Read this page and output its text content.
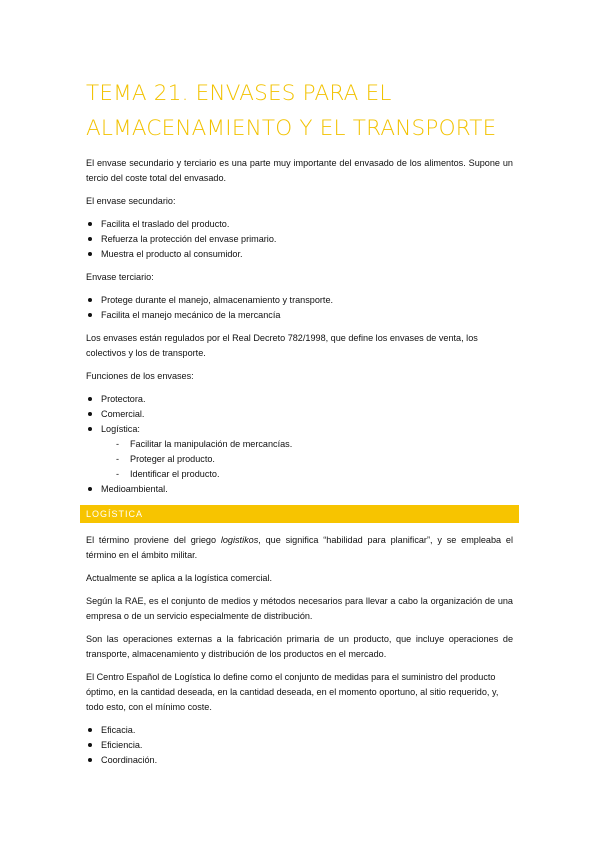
TEMA 21. ENVASES PARA EL ALMACENAMIENTO Y EL TRANSPORTE

El envase secundario y terciario es una parte muy importante del envasado de los alimentos. Supone un tercio del coste total del envasado.

El envase secundario:

Facilita el traslado del producto.
Refuerza la protección del envase primario.
Muestra el producto al consumidor.

Envase terciario:

Protege durante el manejo, almacenamiento y transporte.
Facilita el manejo mecánico de la mercancía

Los envases están regulados por el Real Decreto 782/1998, que define los envases de venta, los colectivos y los de transporte.

Funciones de los envases:

Protectora.
Comercial.
Logística:
- Facilitar la manipulación de mercancías.
- Proteger al producto.
- Identificar el producto.
Medioambiental.
LOGÍSTICA

El término proviene del griego logistikos, que significa “habilidad para planificar”, y se empleaba el término en el ámbito militar.

Actualmente se aplica a la logística comercial.

Según la RAE, es el conjunto de medios y métodos necesarios para llevar a cabo la organización de una empresa o de un servicio especialmente de distribución.

Son las operaciones externas a la fabricación primaria de un producto, que incluye operaciones de transporte, almacenamiento y distribución de los productos en el mercado.

El Centro Español de Logística lo define como el conjunto de medidas para el suministro del producto óptimo, en la cantidad deseada, en la cantidad deseada, en el momento oportuno, al sitio requerido, y, todo esto, con el mínimo coste.

Eficacia.
Eficiencia.
Coordinación.
